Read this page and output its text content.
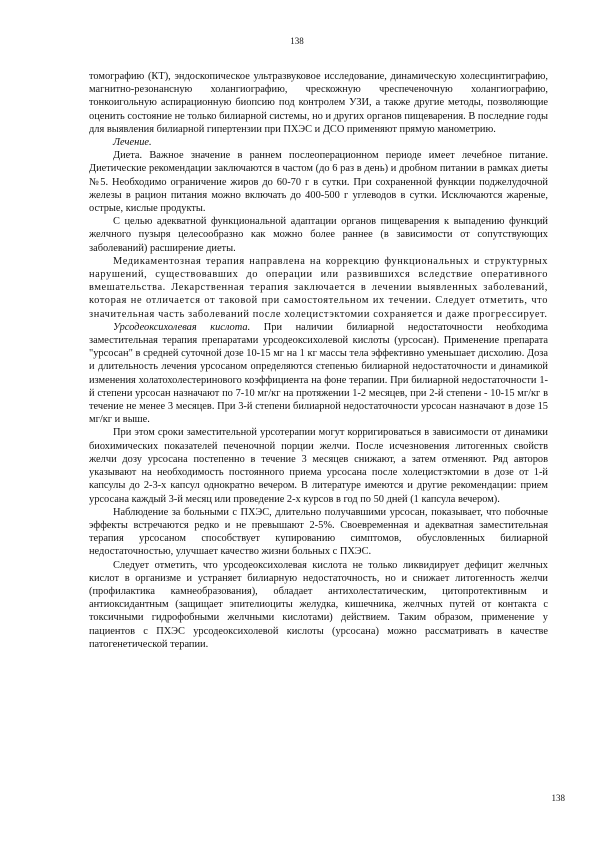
138

томографию (КТ), эндоскопическое ультразвуковое исследование, динамическую холесцинтиграфию, магнитно-резонансную холангиографию, чрескожную чреспеченочную холангиографию, тонкоигольную аспирационную биопсию под контролем УЗИ, а также другие методы, позволяющие оценить состояние не только билиарной системы, но и других органов пищеварения. В последние годы для выявления билиарной гипертензии при ПХЭС и ДСО применяют прямую манометрию.

Лечение.

Диета. Важное значение в раннем послеоперационном периоде имеет лечебное питание. Диетические рекомендации заключаются в частом (до 6 раз в день) и дробном питании в рамках диеты №5. Необходимо ограничение жиров до 60-70 г в сутки. При сохраненной функции поджелудочной железы в рацион питания можно включать до 400-500 г углеводов в сутки. Исключаются жареные, острые, кислые продукты.

С целью адекватной функциональной адаптации органов пищеварения к выпадению функций желчного пузыря целесообразно как можно более раннее (в зависимости от сопутствующих заболеваний) расширение диеты.

Медикаментозная терапия направлена на коррекцию функциональных и структурных нарушений, существовавших до операции или развившихся вследствие оперативного вмешательства. Лекарственная терапия заключается в лечении выявленных заболеваний, которая не отличается от таковой при самостоятельном их течении. Следует отметить, что значительная часть заболеваний после холецистэктомии сохраняется и даже прогрессирует.

Урсодеоксихолевая кислота. При наличии билиарной недостаточности необходима заместительная терапия препаратами урсодеоксихолевой кислоты (урсосан). Применение препарата "урсосан" в средней суточной дозе 10-15 мг на 1 кг массы тела эффективно уменьшает дисхолию. Доза и длительность лечения урсосаном определяются степенью билиарной недостаточности и динамикой изменения холатохолестеринового коэффициента на фоне терапии. При билиарной недостаточности 1-й степени урсосан назначают по 7-10 мг/кг на протяжении 1-2 месяцев, при 2-й степени - 10-15 мг/кг в течение не менее 3 месяцев. При 3-й степени билиарной недостаточности урсосан назначают в дозе 15 мг/кг и выше.

При этом сроки заместительной урсотерапии могут корригироваться в зависимости от динамики биохимических показателей печеночной порции желчи. После исчезновения литогенных свойств желчи дозу урсосана постепенно в течение 3 месяцев снижают, а затем отменяют. Ряд авторов указывают на необходимость постоянного приема урсосана после холецистэктомии в дозе от 1-й капсулы до 2-3-х капсул однократно вечером. В литературе имеются и другие рекомендации: прием урсосана каждый 3-й месяц или проведение 2-х курсов в год по 50 дней (1 капсула вечером).

Наблюдение за больными с ПХЭС, длительно получавшими урсосан, показывает, что побочные эффекты встречаются редко и не превышают 2-5%. Своевременная и адекватная заместительная терапия урсосаном способствует купированию симптомов, обусловленных билиарной недостаточностью, улучшает качество жизни больных с ПХЭС.

Следует отметить, что урсодеоксихолевая кислота не только ликвидирует дефицит желчных кислот в организме и устраняет билиарную недостаточность, но и снижает литогенность желчи (профилактика камнеобразования), обладает антихолестатическим, цитопротективным и антиоксидантным (защищает эпителиоциты желудка, кишечника, желчных путей от контакта с токсичными гидрофобными желчными кислотами) действием. Таким образом, применение у пациентов с ПХЭС урсодеоксихолевой кислоты (урсосана) можно рассматривать в качестве патогенетической терапии.

138
